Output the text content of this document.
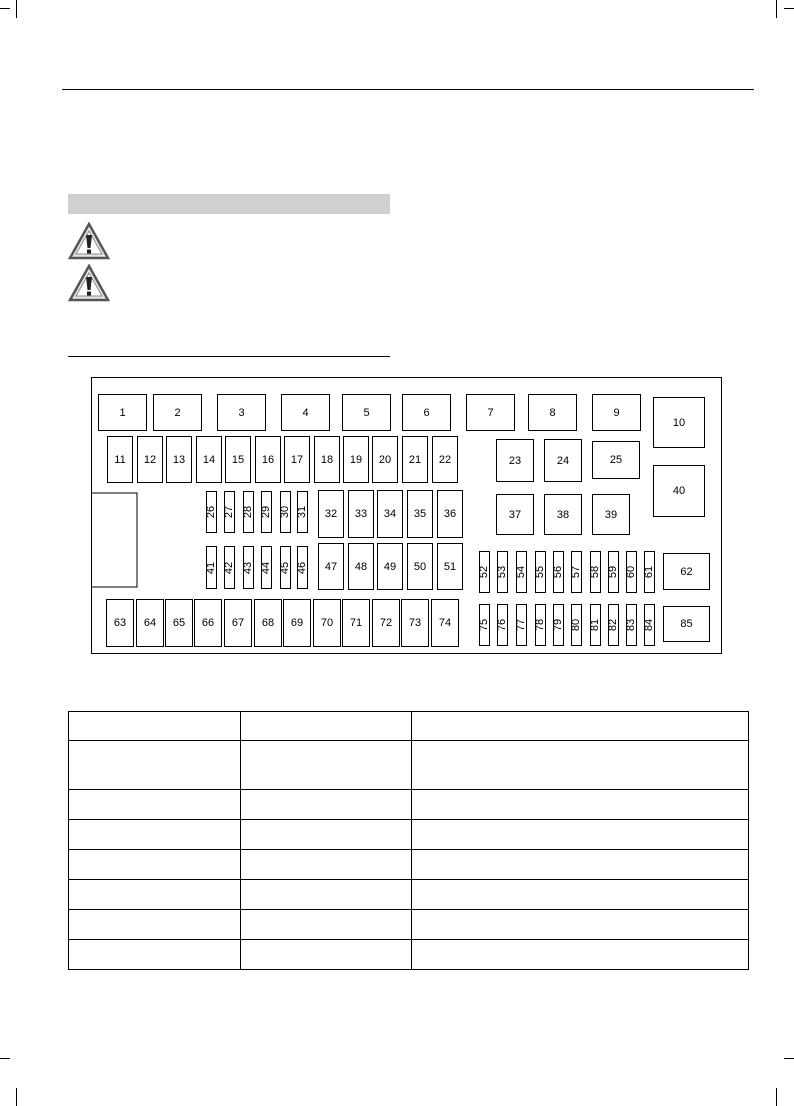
1	2	3	4	5	6	7	8	9
10
11 12 13 14 15 16 17 18 19 20 21 22	23	24	25
40
26 27 28 29 30 31 32 33 34 35 36	37	38	39
41 42 43 44 45 46 47 48 49 50 51 52 53 54 55 56 57 58 59 60 61 62
63 64 65 66 67 68 69 70 71 72 73 74 75 76 77 78 79 80 81 82 83 84 85
